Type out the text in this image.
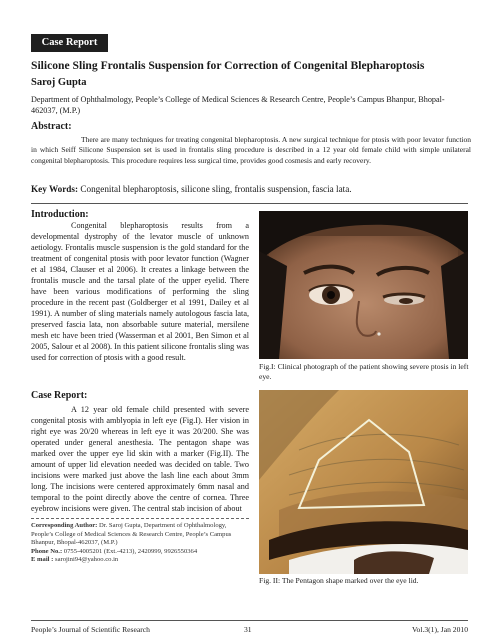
Case Report
Silicone Sling Frontalis Suspension for Correction of Congenital Blepharoptosis
Saroj Gupta
Department of Ophthalmology, People’s College of Medical Sciences & Research Centre, People’s Campus Bhanpur, Bhopal-462037, (M.P.)
Abstract:
There are many techniques for treating congenital blepharoptosis. A new surgical technique for ptosis with poor levator function in which Seiff Silicone Suspension set is used in frontalis sling procedure is described in a 12 year old female child with simple unilateral congenital blepharoptosis. This procedure requires less surgical time, provides good cosmesis and early recovery.
Key Words: Congenital blepharoptosis, silicone sling, frontalis suspension, fascia lata.
Introduction:
Congenital blepharoptosis results from a developmental dystrophy of the levator muscle of unknown aetiology. Frontalis muscle suspension is the gold standard for the treatment of congenital ptosis with poor levator function (Wagner et al 1984, Clauser et al 2006). It creates a linkage between the frontalis muscle and the tarsal plate of the upper eyelid. There have been various modifications of performing the sling procedure in the recent past (Goldberger et al 1991, Dailey et al 1991). A number of sling materials namely autologous fascia lata, preserved fascia lata, non absorbable suture material, mersilene mesh etc have been tried (Wasserman et al 2001, Ben Simon et al 2005, Salour et al 2008). In this patient silicone frontalis sling was used for correction of ptosis with a good result.
Case Report:
A 12 year old female child presented with severe congenital ptosis with amblyopia in left eye (Fig.I). Her vision in right eye was 20/20 whereas in left eye it was 20/200. She was operated under general anesthesia. The pentagon shape was marked over the upper eye lid skin with a marker (Fig.II). The amount of upper lid elevation needed was decided on table. Two incisions were marked just above the lash line each about 3mm long. The incisions were centered approximately 6mm nasal and temporal to the point directly above the centre of cornea. Three eyebrow incisions were given. The central stab incision of about
Corresponding Author: Dr. Saroj Gupta, Department of Ophthalmology, People’s College of Medical Sciences & Research Centre, People’s Campus Bhanpur, Bhopal-462037, (M.P.)
Phone No.: 0755-4005201 (Ext.-4213), 2420999, 9926550364
E mail : sarojini94@yahoo.co.in
Fig.I: Clinical photograph of the patient showing severe ptosis in left eye.
Fig. II: The Pentagon shape marked over the eye lid.
People’s Journal of Scientific Research	31	Vol.3(1), Jan 2010
